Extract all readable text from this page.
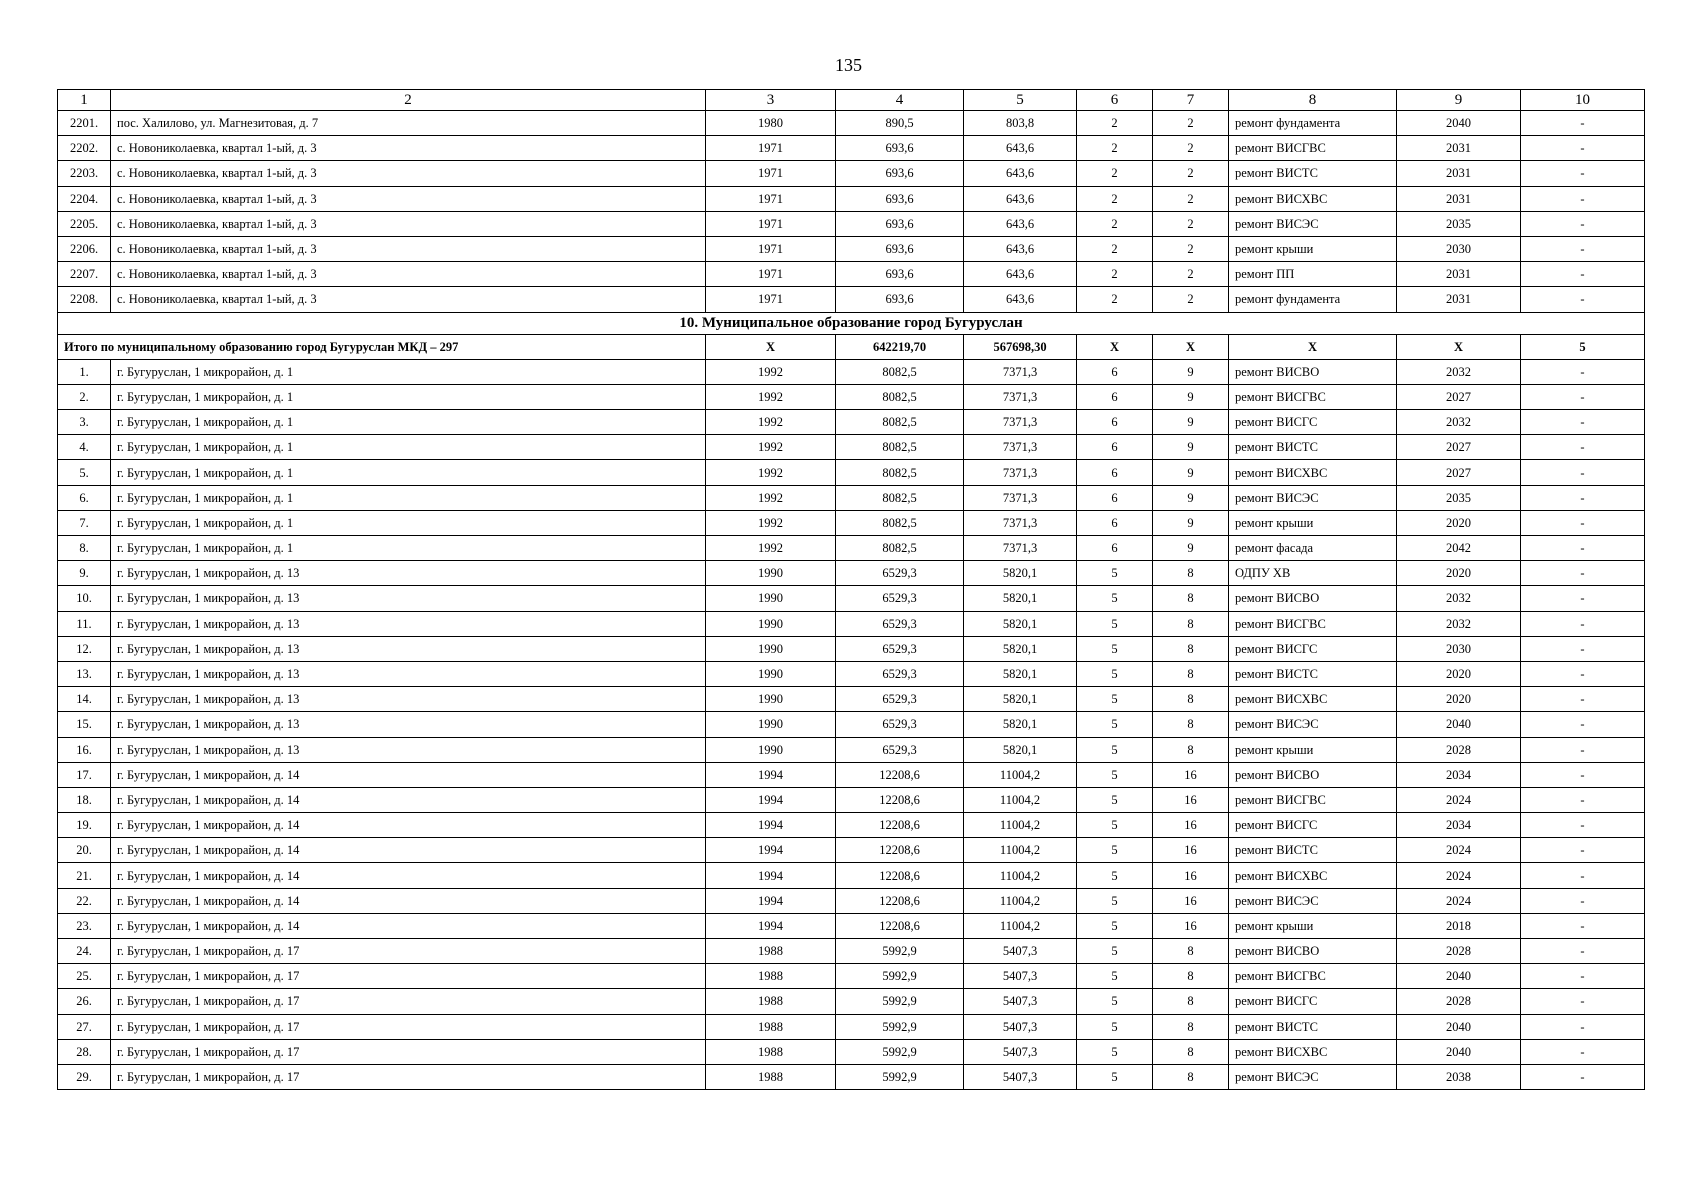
135
1	2	3	4	5	6	7	8	9	10
2201.	пос. Халилово, ул. Магнезитовая, д. 7	1980	890,5	803,8	2	2	ремонт фундамента	2040	-
2202.	с. Новониколаевка, квартал 1-ый, д. 3	1971	693,6	643,6	2	2	ремонт ВИСГВС	2031	-
2203.	с. Новониколаевка, квартал 1-ый, д. 3	1971	693,6	643,6	2	2	ремонт ВИСТС	2031	-
2204.	с. Новониколаевка, квартал 1-ый, д. 3	1971	693,6	643,6	2	2	ремонт ВИСХВС	2031	-
2205.	с. Новониколаевка, квартал 1-ый, д. 3	1971	693,6	643,6	2	2	ремонт ВИСЭС	2035	-
2206.	с. Новониколаевка, квартал 1-ый, д. 3	1971	693,6	643,6	2	2	ремонт крыши	2030	-
2207.	с. Новониколаевка, квартал 1-ый, д. 3	1971	693,6	643,6	2	2	ремонт ПП	2031	-
2208.	с. Новониколаевка, квартал 1-ый, д. 3	1971	693,6	643,6	2	2	ремонт фундамента	2031	-
10. Муниципальное образование город Бугуруслан									
Итого по муниципальному образованию город Бугуруслан МКД – 297		Х	642219,70	567698,30	Х	Х	Х	Х	5
1.	г. Бугуруслан, 1 микрорайон, д. 1	1992	8082,5	7371,3	6	9	ремонт ВИСВО	2032	-
2.	г. Бугуруслан, 1 микрорайон, д. 1	1992	8082,5	7371,3	6	9	ремонт ВИСГВС	2027	-
3.	г. Бугуруслан, 1 микрорайон, д. 1	1992	8082,5	7371,3	6	9	ремонт ВИСГС	2032	-
4.	г. Бугуруслан, 1 микрорайон, д. 1	1992	8082,5	7371,3	6	9	ремонт ВИСТС	2027	-
5.	г. Бугуруслан, 1 микрорайон, д. 1	1992	8082,5	7371,3	6	9	ремонт ВИСХВС	2027	-
6.	г. Бугуруслан, 1 микрорайон, д. 1	1992	8082,5	7371,3	6	9	ремонт ВИСЭС	2035	-
7.	г. Бугуруслан, 1 микрорайон, д. 1	1992	8082,5	7371,3	6	9	ремонт крыши	2020	-
8.	г. Бугуруслан, 1 микрорайон, д. 1	1992	8082,5	7371,3	6	9	ремонт фасада	2042	-
9.	г. Бугуруслан, 1 микрорайон, д. 13	1990	6529,3	5820,1	5	8	ОДПУ ХВ	2020	-
10.	г. Бугуруслан, 1 микрорайон, д. 13	1990	6529,3	5820,1	5	8	ремонт ВИСВО	2032	-
11.	г. Бугуруслан, 1 микрорайон, д. 13	1990	6529,3	5820,1	5	8	ремонт ВИСГВС	2032	-
12.	г. Бугуруслан, 1 микрорайон, д. 13	1990	6529,3	5820,1	5	8	ремонт ВИСГС	2030	-
13.	г. Бугуруслан, 1 микрорайон, д. 13	1990	6529,3	5820,1	5	8	ремонт ВИСТС	2020	-
14.	г. Бугуруслан, 1 микрорайон, д. 13	1990	6529,3	5820,1	5	8	ремонт ВИСХВС	2020	-
15.	г. Бугуруслан, 1 микрорайон, д. 13	1990	6529,3	5820,1	5	8	ремонт ВИСЭС	2040	-
16.	г. Бугуруслан, 1 микрорайон, д. 13	1990	6529,3	5820,1	5	8	ремонт крыши	2028	-
17.	г. Бугуруслан, 1 микрорайон, д. 14	1994	12208,6	11004,2	5	16	ремонт ВИСВО	2034	-
18.	г. Бугуруслан, 1 микрорайон, д. 14	1994	12208,6	11004,2	5	16	ремонт ВИСГВС	2024	-
19.	г. Бугуруслан, 1 микрорайон, д. 14	1994	12208,6	11004,2	5	16	ремонт ВИСГС	2034	-
20.	г. Бугуруслан, 1 микрорайон, д. 14	1994	12208,6	11004,2	5	16	ремонт ВИСТС	2024	-
21.	г. Бугуруслан, 1 микрорайон, д. 14	1994	12208,6	11004,2	5	16	ремонт ВИСХВС	2024	-
22.	г. Бугуруслан, 1 микрорайон, д. 14	1994	12208,6	11004,2	5	16	ремонт ВИСЭС	2024	-
23.	г. Бугуруслан, 1 микрорайон, д. 14	1994	12208,6	11004,2	5	16	ремонт крыши	2018	-
24.	г. Бугуруслан, 1 микрорайон, д. 17	1988	5992,9	5407,3	5	8	ремонт ВИСВО	2028	-
25.	г. Бугуруслан, 1 микрорайон, д. 17	1988	5992,9	5407,3	5	8	ремонт ВИСГВС	2040	-
26.	г. Бугуруслан, 1 микрорайон, д. 17	1988	5992,9	5407,3	5	8	ремонт ВИСГС	2028	-
27.	г. Бугуруслан, 1 микрорайон, д. 17	1988	5992,9	5407,3	5	8	ремонт ВИСТС	2040	-
28.	г. Бугуруслан, 1 микрорайон, д. 17	1988	5992,9	5407,3	5	8	ремонт ВИСХВС	2040	-
29.	г. Бугуруслан, 1 микрорайон, д. 17	1988	5992,9	5407,3	5	8	ремонт ВИСЭС	2038	-
